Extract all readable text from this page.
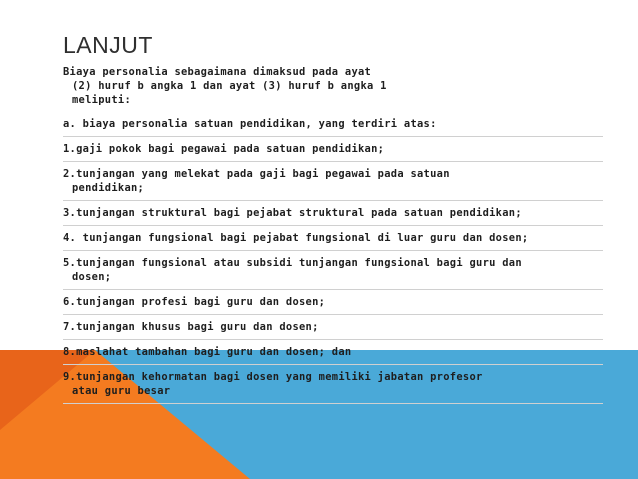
LANJUT
Biaya personalia sebagaimana dimaksud pada ayat
(2) huruf b angka 1 dan ayat (3) huruf b angka 1
meliputi:
a. biaya personalia satuan pendidikan, yang terdiri atas:
1.gaji pokok bagi pegawai pada satuan pendidikan;
2.tunjangan yang melekat pada gaji bagi pegawai pada satuan
pendidikan;
3.tunjangan struktural bagi pejabat struktural pada satuan pendidikan;
4. tunjangan fungsional bagi pejabat fungsional di luar guru dan dosen;
5.tunjangan fungsional atau subsidi tunjangan fungsional bagi guru dan
dosen;
6.tunjangan profesi bagi guru dan dosen;
7.tunjangan khusus bagi guru dan dosen;
8.maslahat tambahan bagi guru dan dosen; dan
9.tunjangan kehormatan bagi dosen yang memiliki jabatan profesor
atau guru besar
